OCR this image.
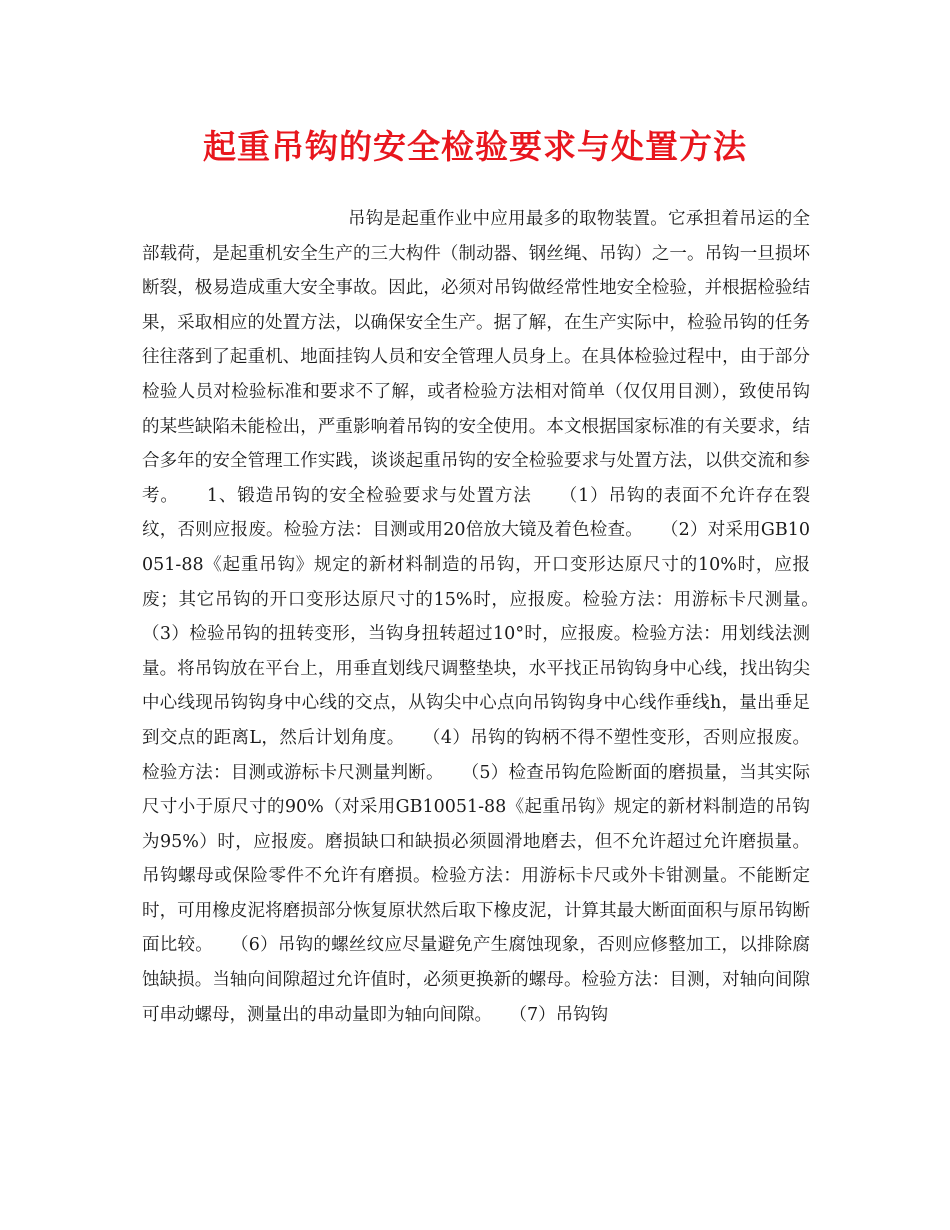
起重吊钩的安全检验要求与处置方法

吊钩是起重作业中应用最多的取物装置。它承担着吊运的全部载荷，是起重机安全生产的三大构件（制动器、钢丝绳、吊钩）之一。吊钩一旦损坏断裂，极易造成重大安全事故。因此，必须对吊钩做经常性地安全检验，并根据检验结果，采取相应的处置方法，以确保安全生产。据了解，在生产实际中，检验吊钩的任务往往落到了起重机、地面挂钩人员和安全管理人员身上。在具体检验过程中，由于部分检验人员对检验标准和要求不了解，或者检验方法相对简单（仅仅用目测），致使吊钩的某些缺陷未能检出，严重影响着吊钩的安全使用。本文根据国家标准的有关要求，结合多年的安全管理工作实践，谈谈起重吊钩的安全检验要求与处置方法，以供交流和参考。　　1、锻造吊钩的安全检验要求与处置方法　　（1）吊钩的表面不允许存在裂纹，否则应报废。检验方法：目测或用20倍放大镜及着色检查。　　（2）对采用GB10051-88《起重吊钩》规定的新材料制造的吊钩，开口变形达原尺寸的10%时，应报废；其它吊钩的开口变形达原尺寸的15%时，应报废。检验方法：用游标卡尺测量。　　（3）检验吊钩的扭转变形，当钩身扭转超过10°时，应报废。检验方法：用划线法测量。将吊钩放在平台上，用垂直划线尺调整垫块，水平找正吊钩钩身中心线，找出钩尖中心线现吊钩钩身中心线的交点，从钩尖中心点向吊钩钩身中心线作垂线h，量出垂足到交点的距离L，然后计划角度。　　（4）吊钩的钩柄不得不塑性变形，否则应报废。检验方法：目测或游标卡尺测量判断。　　（5）检查吊钩危险断面的磨损量，当其实际尺寸小于原尺寸的90%（对采用GB10051-88《起重吊钩》规定的新材料制造的吊钩为95%）时，应报废。磨损缺口和缺损必须圆滑地磨去，但不允许超过允许磨损量。吊钩螺母或保险零件不允许有磨损。检验方法：用游标卡尺或外卡钳测量。不能断定时，可用橡皮泥将磨损部分恢复原状然后取下橡皮泥，计算其最大断面面积与原吊钩断面比较。　　（6）吊钩的螺丝纹应尽量避免产生腐蚀现象，否则应修整加工，以排除腐蚀缺损。当轴向间隙超过允许值时，必须更换新的螺母。检验方法：目测，对轴向间隙可串动螺母，测量出的串动量即为轴向间隙。　　（7）吊钩钩
